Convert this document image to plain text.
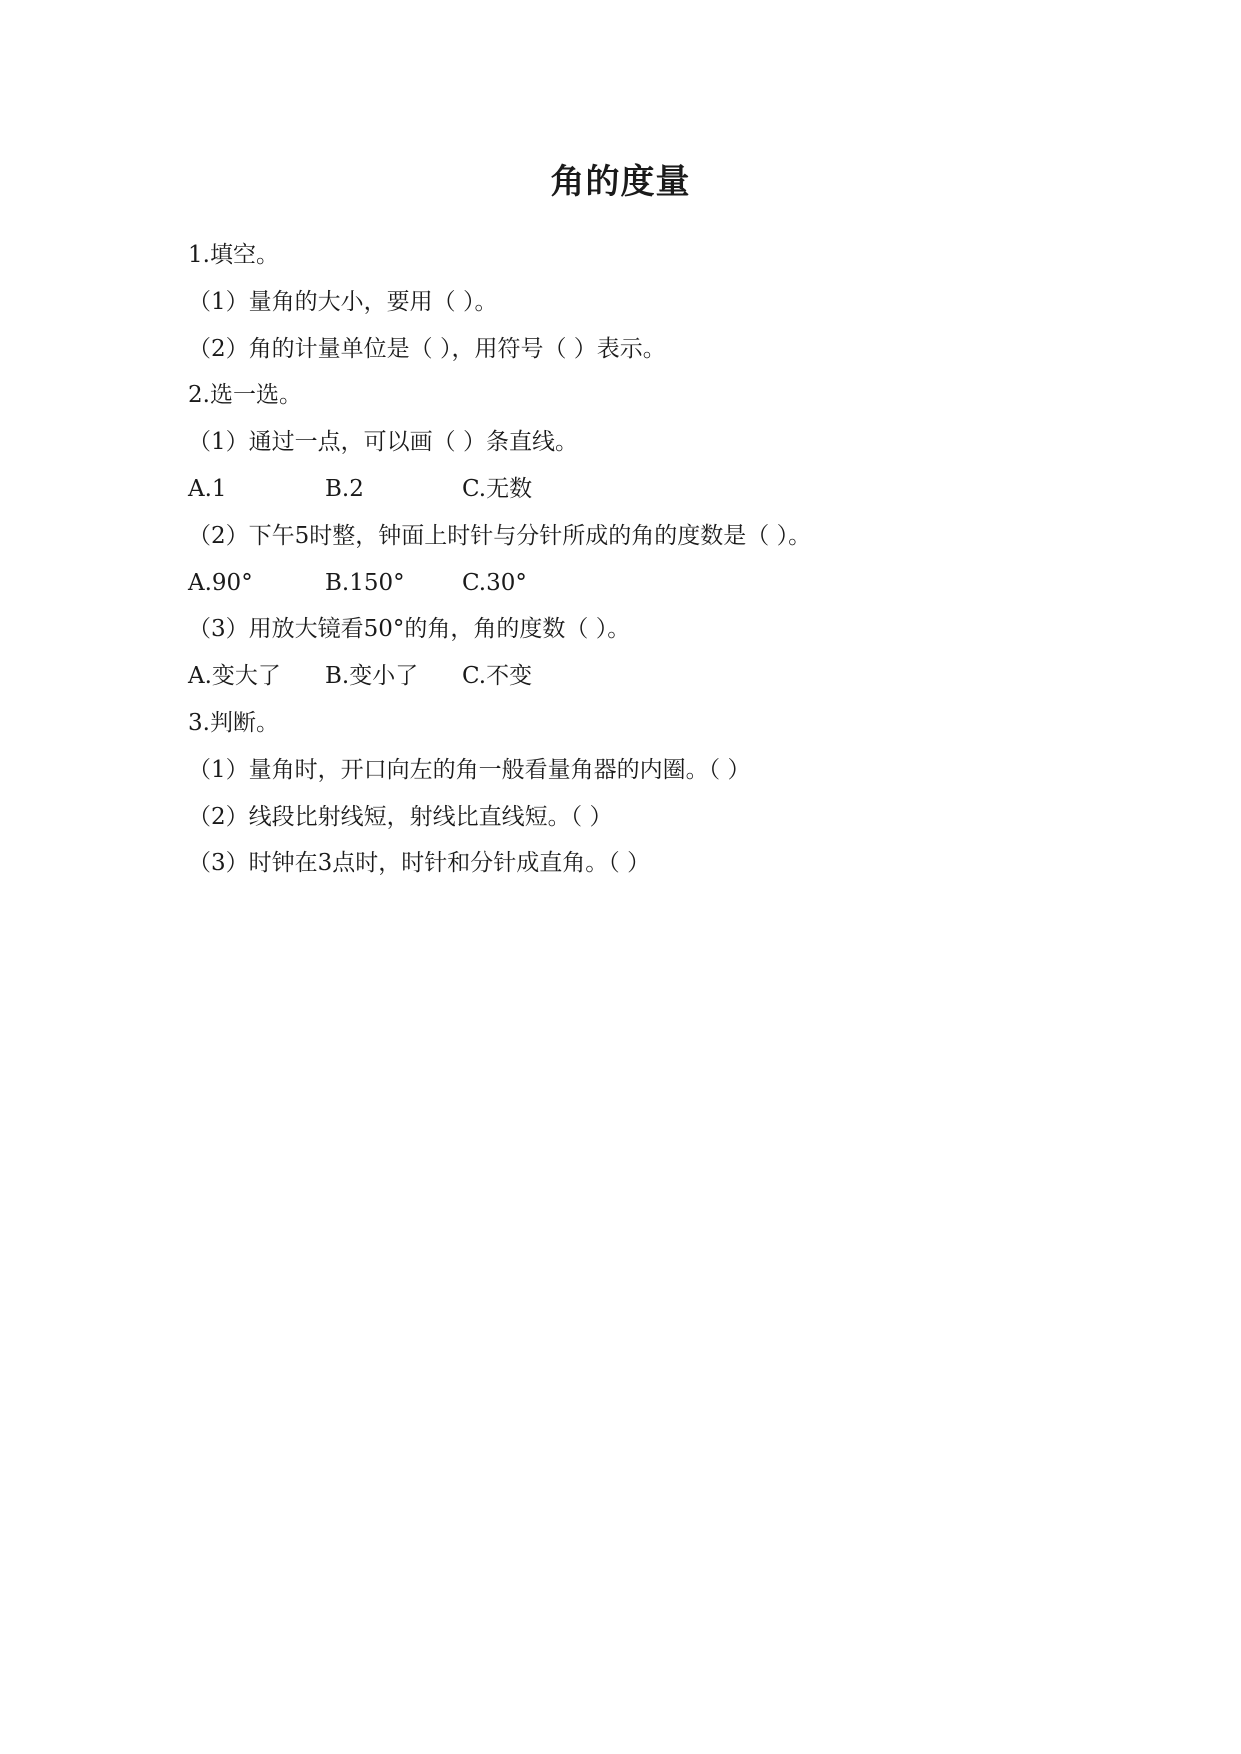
角的度量
1.填空。
（1）量角的大小，要用（ ）。
（2）角的计量单位是（ ），用符号（ ）表示。
2.选一选。
（1）通过一点，可以画（ ）条直线。
A.1	B.2	C.无数
（2）下午5时整，钟面上时针与分针所成的角的度数是（ ）。
A.90°	B.150°	C.30°
（3）用放大镜看50°的角，角的度数（ ）。
A.变大了	B.变小了	C.不变
3.判断。
（1）量角时，开口向左的角一般看量角器的内圈。（ ）
（2）线段比射线短，射线比直线短。（ ）
（3）时钟在3点时，时针和分针成直角。（ ）
